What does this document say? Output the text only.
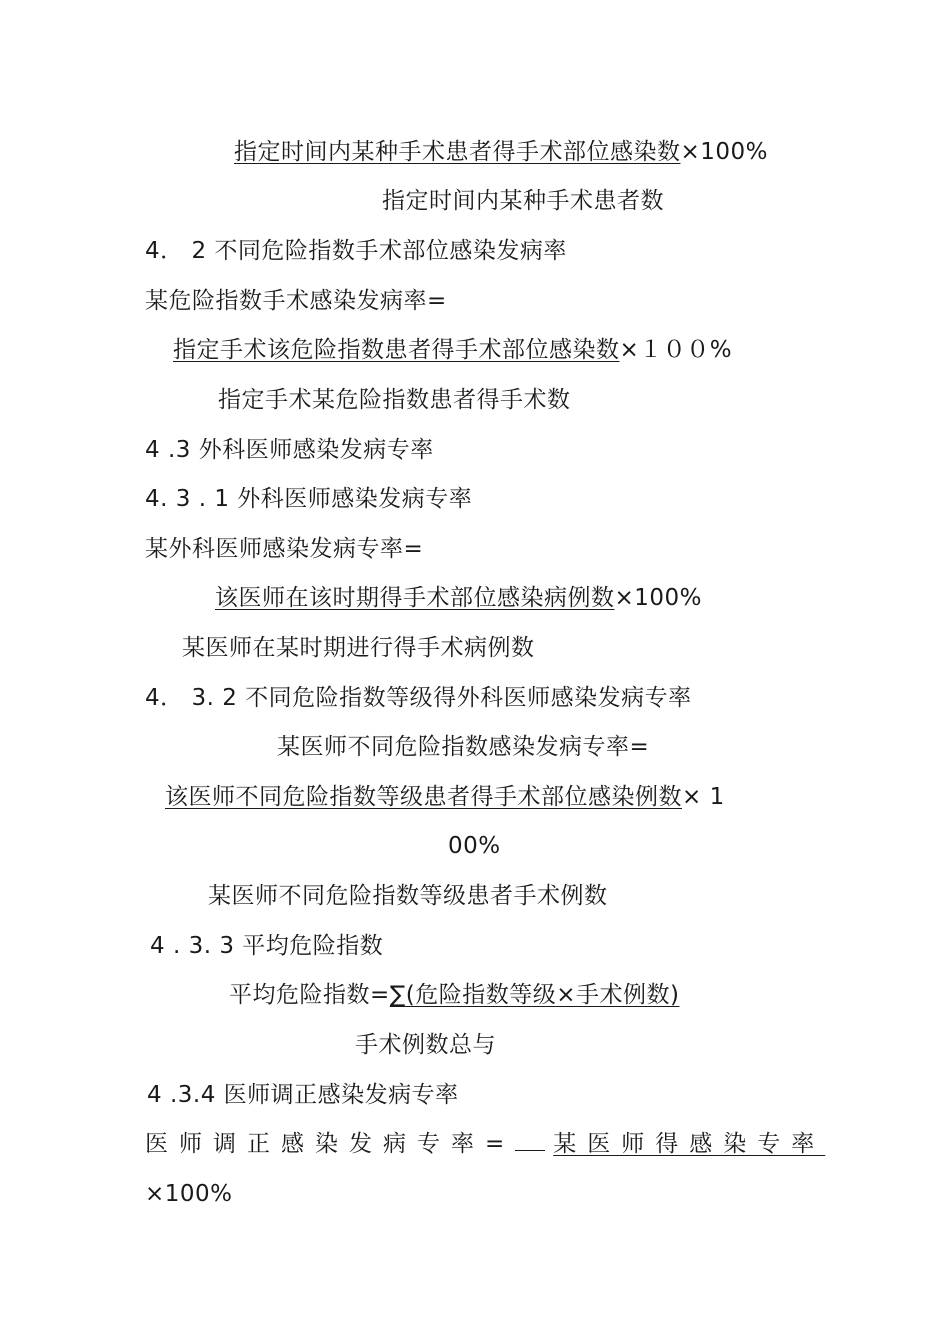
指定时间内某种手术患者得手术部位感染数×100%
指定时间内某种手术患者数
4． 2 不同危险指数手术部位感染发病率
某危险指数手术感染发病率=
指定手术该危险指数患者得手术部位感染数×１００%
指定手术某危险指数患者得手术数
4 .3 外科医师感染发病专率
4. 3 . 1 外科医师感染发病专率
某外科医师感染发病专率=
该医师在该时期得手术部位感染病例数×100%
某医师在某时期进行得手术病例数
4． 3. 2 不同危险指数等级得外科医师感染发病专率
某医师不同危险指数感染发病专率=
该医师不同危险指数等级患者得手术部位感染例数× 1
00%
某医师不同危险指数等级患者手术例数
4 . 3. 3 平均危险指数
平均危险指数=∑(危险指数等级×手术例数)
手术例数总与
4 .3.4 医师调正感染发病专率
医师调正感染发病专率= 某医师得感染专率
×100%
